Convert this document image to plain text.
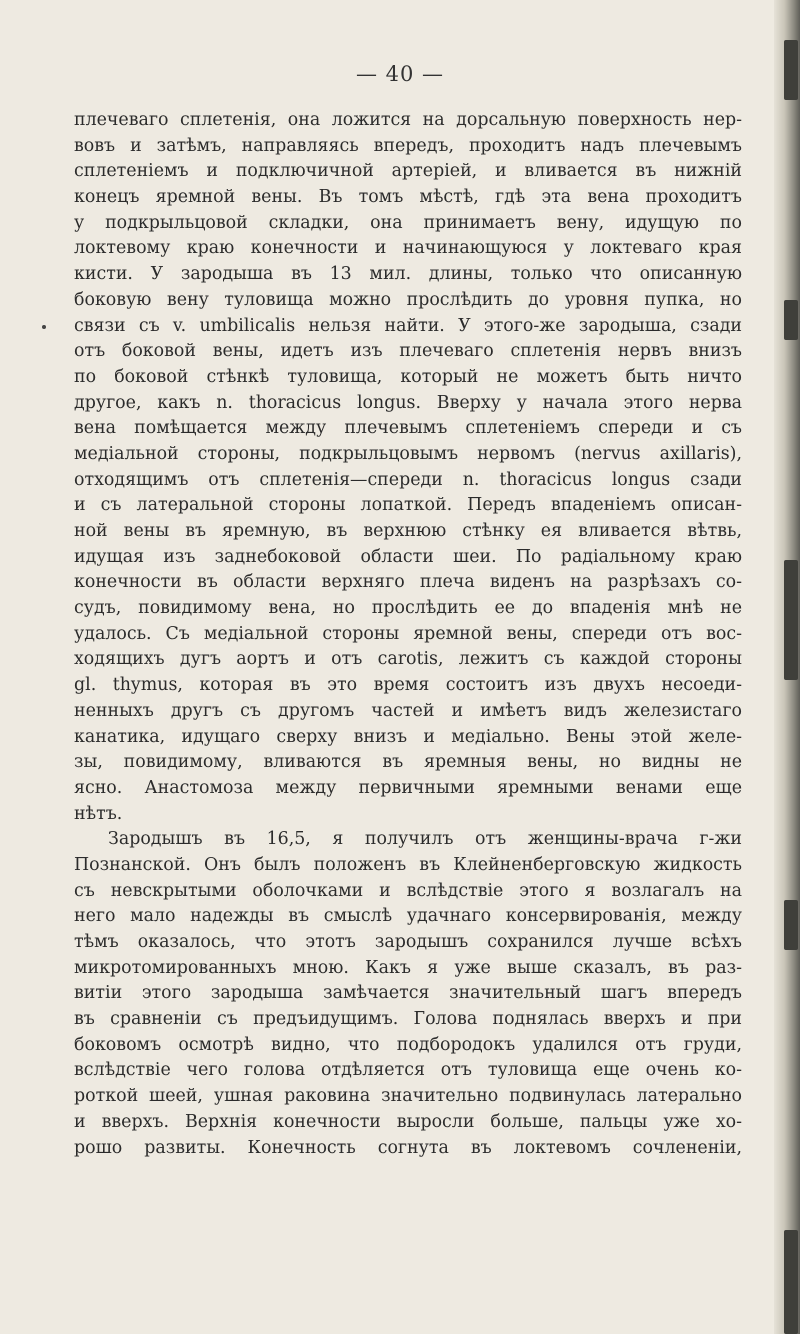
— 40 —
плечеваго сплетенія, она ложится на дорсальную поверхность нер-
вовъ и затѣмъ, направляясь впередъ, проходитъ надъ плечевымъ
сплетеніемъ и подключичной артеріей, и вливается въ нижній
конецъ яремной вены. Въ томъ мѣстѣ, гдѣ эта вена проходитъ
у подкрыльцовой складки, она принимаетъ вену, идущую по
локтевому краю конечности и начинающуюся у локтеваго края
кисти. У зародыша въ 13 мил. длины, только что описанную
боковую вену туловища можно прослѣдить до уровня пупка, но
связи съ v. umbilicalis нельзя найти. У этого-же зародыша, сзади
отъ боковой вены, идетъ изъ плечеваго сплетенія нервъ внизъ
по боковой стѣнкѣ туловища, который не можетъ быть ничто
другое, какъ n. thoracicus longus. Вверху у начала этого нерва
вена помѣщается между плечевымъ сплетеніемъ спереди и съ
медіальной стороны, подкрыльцовымъ нервомъ (nervus axillaris),
отходящимъ отъ сплетенія—спереди n. thoracicus longus сзади
и съ латеральной стороны лопаткой. Передъ впаденіемъ описан-
ной вены въ яремную, въ верхнюю стѣнку ея вливается вѣтвь,
идущая изъ заднебоковой области шеи. По радіальному краю
конечности въ области верхняго плеча виденъ на разрѣзахъ со-
судъ, повидимому вена, но прослѣдить ее до впаденія мнѣ не
удалось. Съ медіальной стороны яремной вены, спереди отъ вос-
ходящихъ дугъ аортъ и отъ carotis, лежитъ съ каждой стороны
gl. thymus, которая въ это время состоитъ изъ двухъ несоеди-
ненныхъ другъ съ другомъ частей и имѣетъ видъ железистаго
канатика, идущаго сверху внизъ и медіально. Вены этой желе-
зы, повидимому, вливаются въ яремныя вены, но видны не
ясно. Анастомоза между первичными яремными венами еще
нѣтъ.
Зародышъ въ 16,5, я получилъ отъ женщины-врача г-жи
Познанской. Онъ былъ положенъ въ Клейненберговскую жидкость
съ невскрытыми оболочками и вслѣдствіе этого я возлагалъ на
него мало надежды въ смыслѣ удачнаго консервированія, между
тѣмъ оказалось, что этотъ зародышъ сохранился лучше всѣхъ
микротомированныхъ мною. Какъ я уже выше сказалъ, въ раз-
витіи этого зародыша замѣчается значительный шагъ впередъ
въ сравненіи съ предъидущимъ. Голова поднялась вверхъ и при
боковомъ осмотрѣ видно, что подбородокъ удалился отъ груди,
вслѣдствіе чего голова отдѣляется отъ туловища еще очень ко-
роткой шеей, ушная раковина значительно подвинулась латерально
и вверхъ. Верхнія конечности выросли больше, пальцы уже хо-
рошо развиты. Конечность согнута въ локтевомъ сочлененіи,
